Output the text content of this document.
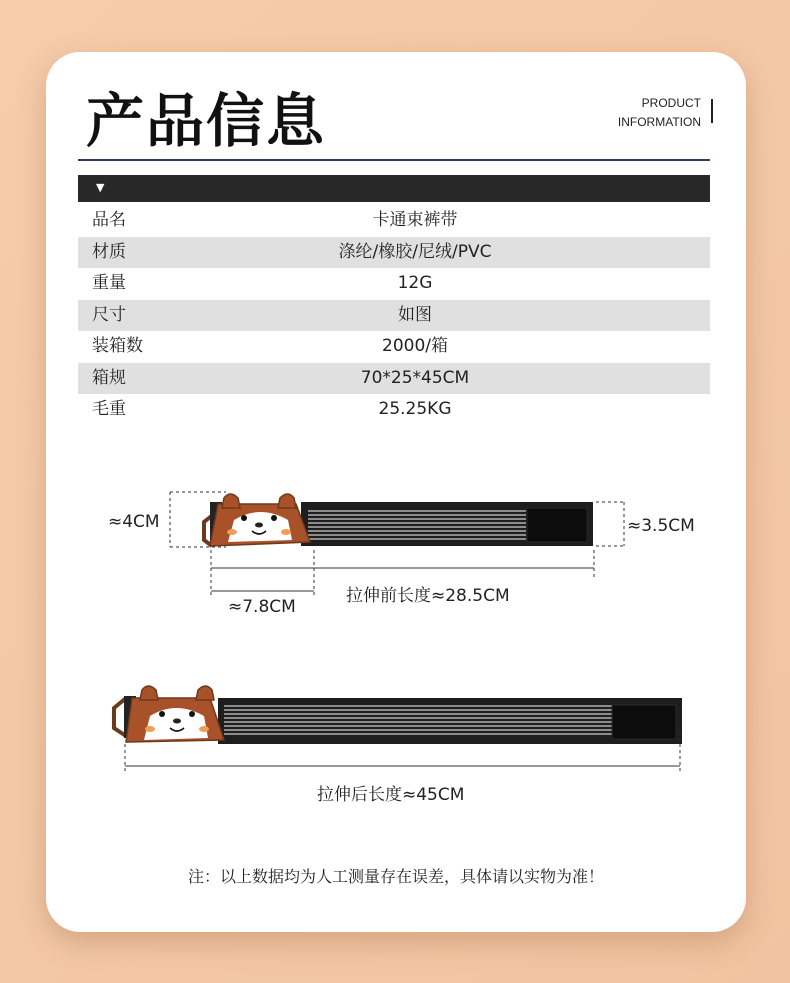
产品信息	PRODUCT
INFORMATION
▼
品名	卡通束裤带
材质	涤纶/橡胶/尼绒/PVC
重量	12G
尺寸	如图
装箱数	2000/箱
箱规	70*25*45CM
毛重	25.25KG
≈4CM	≈3.5CM
≈7.8CM
拉伸前长度≈28.5CM
拉伸后长度≈45CM
注：以上数据均为人工测量存在误差，具体请以实物为准！
